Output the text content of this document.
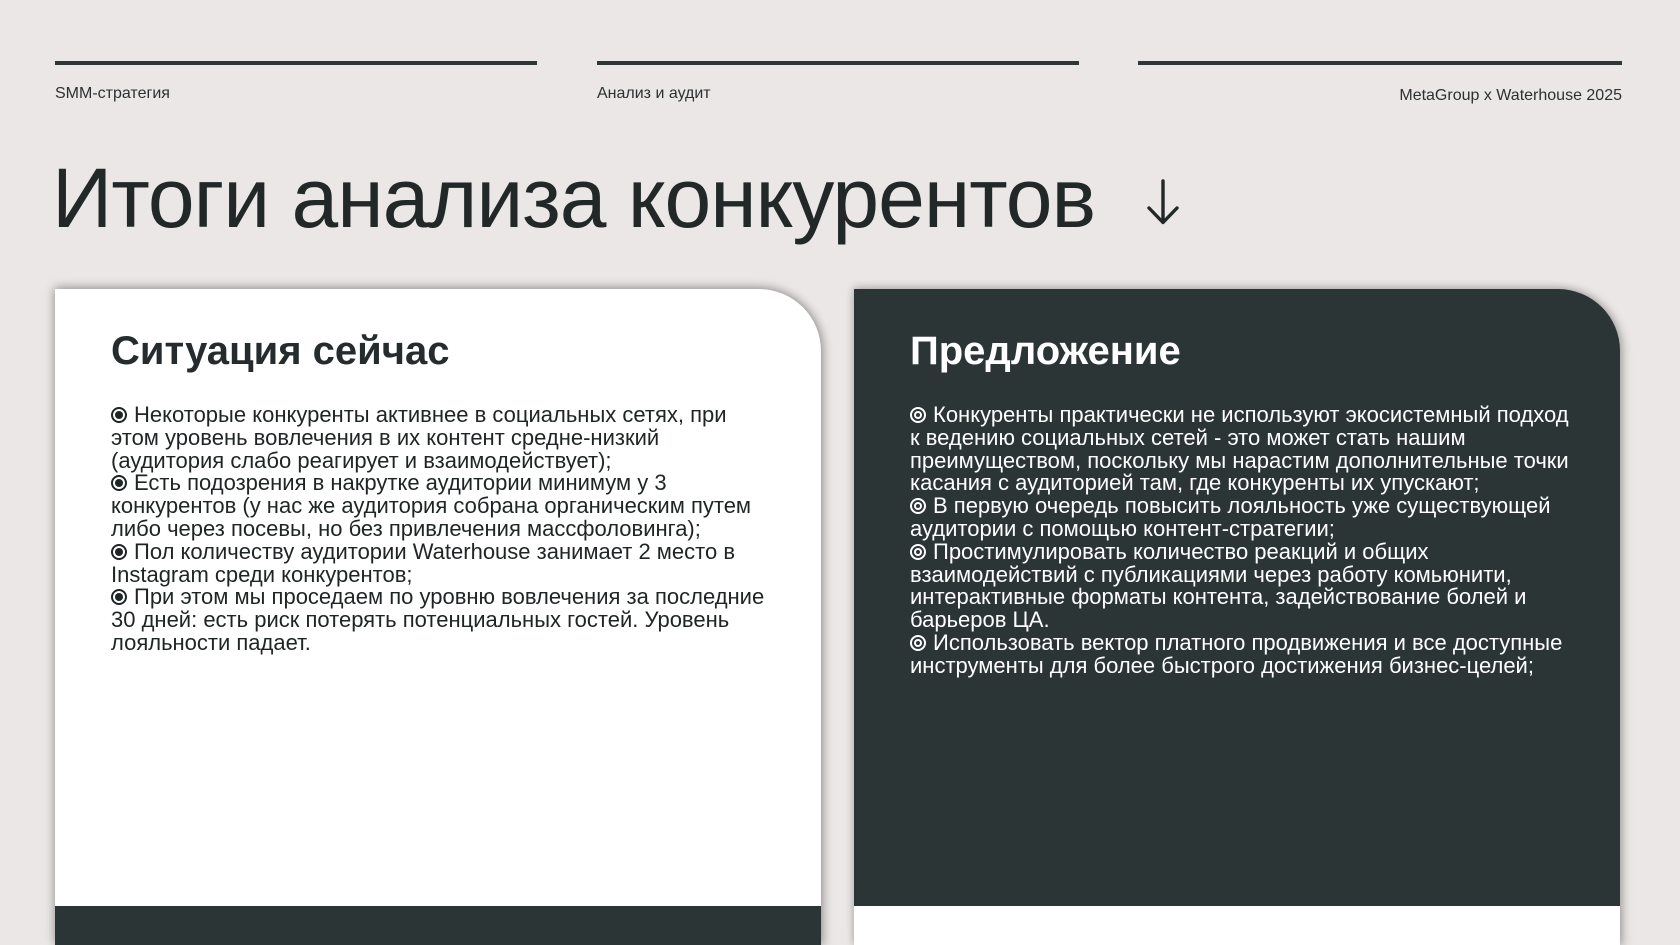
SMM-стратегия	Анализ и аудит	MetaGroup x Waterhouse 2025
Итоги анализа конкурентов
Ситуация сейчас
Некоторые конкуренты активнее в социальных сетях, при этом уровень вовлечения в их контент средне-низкий (аудитория слабо реагирует и взаимодействует);
Есть подозрения в накрутке аудитории минимум у 3 конкурентов (у нас же аудитория собрана органическим путем либо через посевы, но без привлечения массфоловинга);
Пол количеству аудитории Waterhouse занимает 2 место в Instagram среди конкурентов;
При этом мы проседаем по уровню вовлечения за последние 30 дней: есть риск потерять потенциальных гостей. Уровень лояльности падает.
Предложение
Конкуренты практически не используют экосистемный подход к ведению социальных сетей - это может стать нашим преимуществом, поскольку мы нарастим дополнительные точки касания с аудиторией там, где конкуренты их упускают;
В первую очередь повысить лояльность уже существующей аудитории с помощью контент-стратегии;
Простимулировать количество реакций и общих взаимодействий с публикациями через работу комьюнити, интерактивные форматы контента, задействование болей и барьеров ЦА.
Использовать вектор платного продвижения и все доступные инструменты для более быстрого достижения бизнес-целей;
